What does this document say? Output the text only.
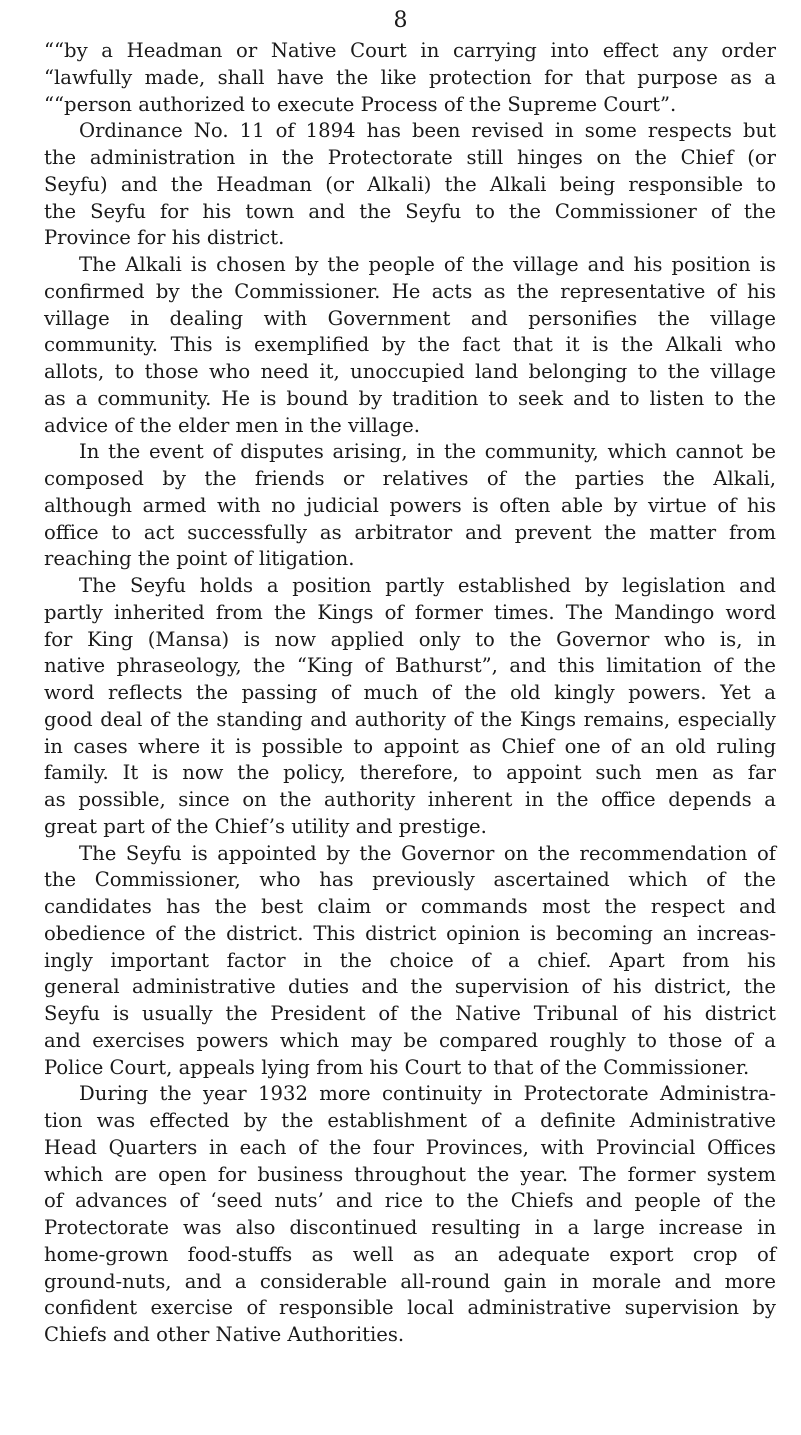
8
““by a Headman or Native Court in carrying into effect any order
“lawfully made, shall have the like protection for that purpose as a
““person authorized to execute Process of the Supreme Court”.
Ordinance No. 11 of 1894 has been revised in some respects but
the administration in the Protectorate still hinges on the Chief (or
Seyfu) and the Headman (or Alkali) the Alkali being responsible to
the Seyfu for his town and the Seyfu to the Commissioner of the
Province for his district.
The Alkali is chosen by the people of the village and his position is
confirmed by the Commissioner. He acts as the representative of his
village in dealing with Government and personifies the village
community. This is exemplified by the fact that it is the Alkali who
allots, to those who need it, unoccupied land belonging to the village
as a community. He is bound by tradition to seek and to listen to the
advice of the elder men in the village.
In the event of disputes arising, in the community, which cannot be
composed by the friends or relatives of the parties the Alkali,
although armed with no judicial powers is often able by virtue of his
office to act successfully as arbitrator and prevent the matter from
reaching the point of litigation.
The Seyfu holds a position partly established by legislation and
partly inherited from the Kings of former times. The Mandingo word
for King (Mansa) is now applied only to the Governor who is, in
native phraseology, the “King of Bathurst”, and this limitation of the
word reflects the passing of much of the old kingly powers. Yet a
good deal of the standing and authority of the Kings remains, especially
in cases where it is possible to appoint as Chief one of an old ruling
family. It is now the policy, therefore, to appoint such men as far
as possible, since on the authority inherent in the office depends a
great part of the Chief’s utility and prestige.
The Seyfu is appointed by the Governor on the recommendation of
the Commissioner, who has previously ascertained which of the
candidates has the best claim or commands most the respect and
obedience of the district. This district opinion is becoming an increas-
ingly important factor in the choice of a chief. Apart from his
general administrative duties and the supervision of his district, the
Seyfu is usually the President of the Native Tribunal of his district
and exercises powers which may be compared roughly to those of a
Police Court, appeals lying from his Court to that of the Commissioner.
During the year 1932 more continuity in Protectorate Administra-
tion was effected by the establishment of a definite Administrative
Head Quarters in each of the four Provinces, with Provincial Offices
which are open for business throughout the year. The former system
of advances of ‘seed nuts’ and rice to the Chiefs and people of the
Protectorate was also discontinued resulting in a large increase in
home-grown food-stuffs as well as an adequate export crop of
ground-nuts, and a considerable all-round gain in morale and more
confident exercise of responsible local administrative supervision by
Chiefs and other Native Authorities.
